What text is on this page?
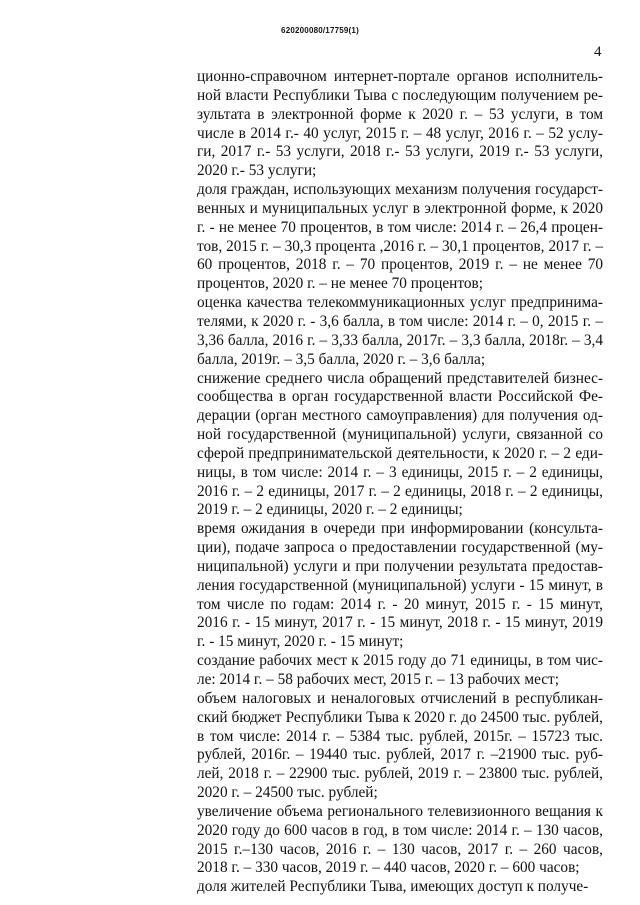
620200080/17759(1)
4

ционно-справочном интернет-портале органов исполнитель-ной власти Республики Тыва с последующим получением ре-зультата в электронной форме к 2020 г. – 53 услуги, в том числе в 2014 г.- 40 услуг, 2015 г. – 48 услуг, 2016 г. – 52 услу-ги, 2017 г.- 53 услуги, 2018 г.- 53 услуги, 2019 г.- 53 услуги, 2020 г.- 53 услуги;

доля граждан, использующих механизм получения государст-венных и муниципальных услуг в электронной форме, к 2020 г. - не менее 70 процентов, в том числе: 2014 г. – 26,4 процен-тов, 2015 г. – 30,3 процента ,2016 г. – 30,1 процентов, 2017 г. – 60 процентов, 2018 г. – 70 процентов, 2019 г. – не менее 70 процентов, 2020 г. – не менее 70 процентов;

оценка качества телекоммуникационных услуг предпринима-телями, к 2020 г. - 3,6 балла, в том числе: 2014 г. – 0, 2015 г. – 3,36 балла, 2016 г. – 3,33 балла, 2017г. – 3,3 балла, 2018г. – 3,4 балла, 2019г. – 3,5 балла, 2020 г. – 3,6 балла;

снижение среднего числа обращений представителей бизнес-сообщества в орган государственной власти Российской Фе-дерации (орган местного самоуправления) для получения од-ной государственной (муниципальной) услуги, связанной со сферой предпринимательской деятельности, к 2020 г. – 2 еди-ницы, в том числе: 2014 г. – 3 единицы, 2015 г. – 2 единицы, 2016 г. – 2 единицы, 2017 г. – 2 единицы, 2018 г. – 2 единицы, 2019 г. – 2 единицы, 2020 г. – 2 единицы;

время ожидания в очереди при информировании (консульта-ции), подаче запроса о предоставлении государственной (му-ниципальной) услуги и при получении результата предостав-ления государственной (муниципальной) услуги - 15 минут, в том числе по годам: 2014 г. - 20 минут, 2015 г. - 15 минут, 2016 г. - 15 минут, 2017 г. - 15 минут, 2018 г. - 15 минут, 2019 г. - 15 минут, 2020 г. - 15 минут;

создание рабочих мест к 2015 году до 71 единицы, в том чис-ле: 2014 г. – 58 рабочих мест, 2015 г. – 13 рабочих мест;

объем налоговых и неналоговых отчислений в республикан-ский бюджет Республики Тыва к 2020 г. до 24500 тыс. рублей, в том числе: 2014 г. – 5384 тыс. рублей, 2015г. – 15723 тыс. рублей, 2016г. – 19440 тыс. рублей, 2017 г. –21900 тыс. руб-лей, 2018 г. – 22900 тыс. рублей, 2019 г. – 23800 тыс. рублей, 2020 г. – 24500 тыс. рублей;

увеличение объема регионального телевизионного вещания к 2020 году до 600 часов в год, в том числе: 2014 г. – 130 часов, 2015 г.–130 часов, 2016 г. – 130 часов, 2017 г. – 260 часов, 2018 г. – 330 часов, 2019 г. – 440 часов, 2020 г. – 600 часов;

доля жителей Республики Тыва, имеющих доступ к получе-
